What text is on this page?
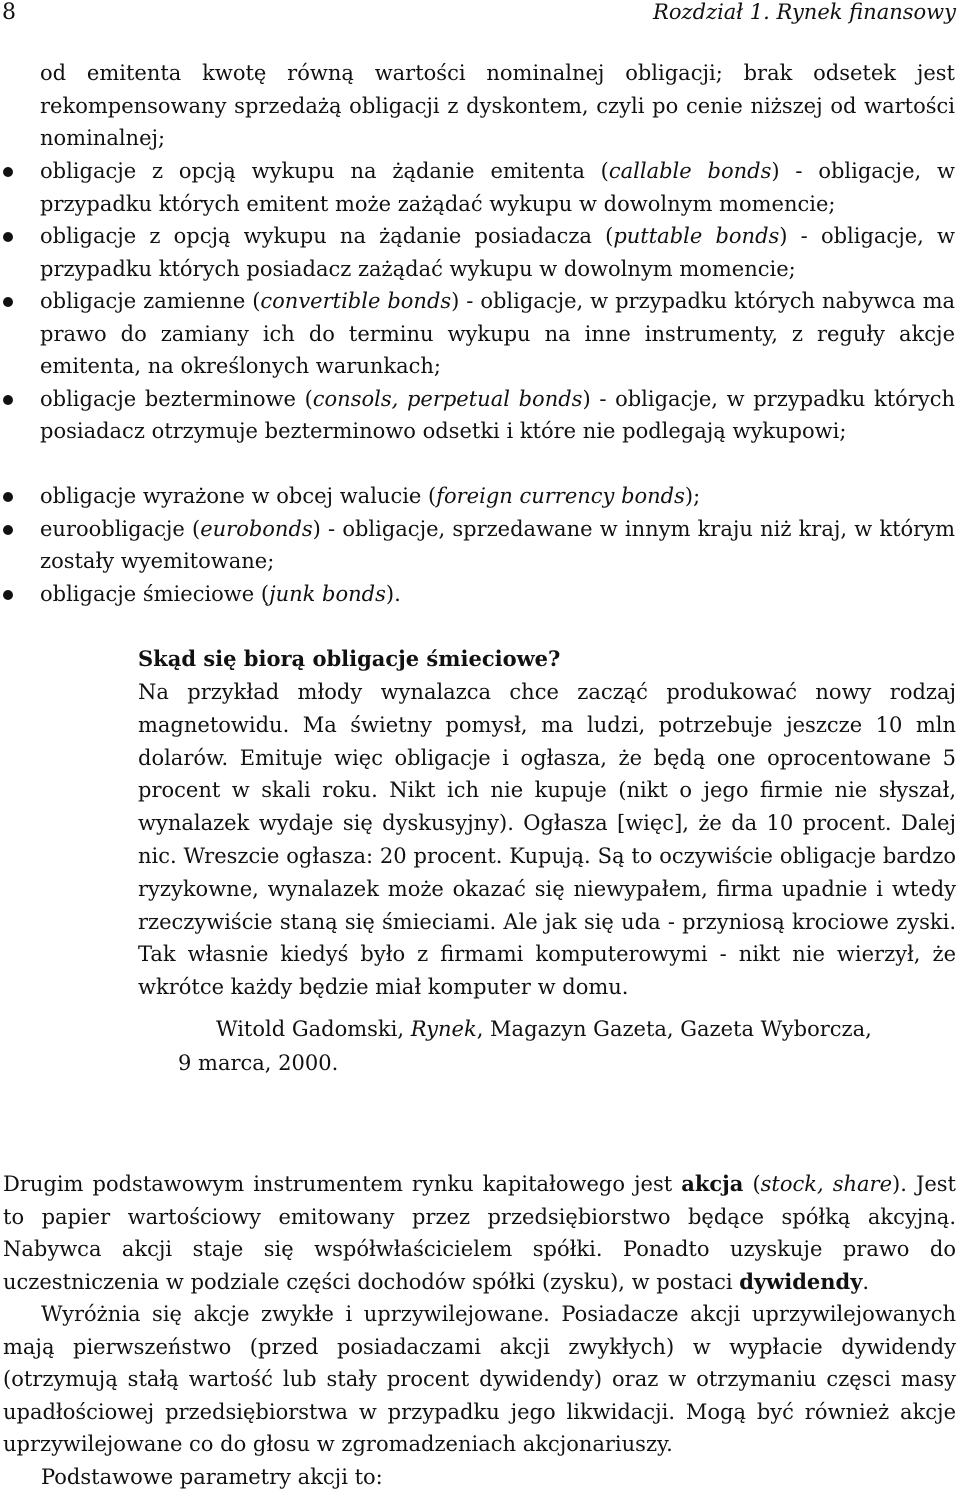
8	Rozdział 1. Rynek finansowy

od emitenta kwotę równą wartości nominalnej obligacji; brak odsetek jest rekompensowany sprzedażą obligacji z dyskontem, czyli po cenie niższej od wartości nominalnej;

obligacje z opcją wykupu na żądanie emitenta (callable bonds) - obligacje, w przypadku których emitent może zażądać wykupu w dowolnym momencie;
obligacje z opcją wykupu na żądanie posiadacza (puttable bonds) - obligacje, w przypadku których posiadacz zażądać wykupu w dowolnym momencie;
obligacje zamienne (convertible bonds) - obligacje, w przypadku których nabywca ma prawo do zamiany ich do terminu wykupu na inne instrumenty, z reguły akcje emitenta, na określonych warunkach;
obligacje bezterminowe (consols, perpetual bonds) - obligacje, w przypadku których posiadacz otrzymuje bezterminowo odsetki i które nie podlegają wykupowi;
obligacje wyrażone w obcej walucie (foreign currency bonds);
euroobligacje (eurobonds) - obligacje, sprzedawane w innym kraju niż kraj, w którym zostały wyemitowane;
obligacje śmieciowe (junk bonds).

Skąd się biorą obligacje śmieciowe?

Na przykład młody wynalazca chce zacząć produkować nowy rodzaj magnetowidu. Ma świetny pomysł, ma ludzi, potrzebuje jeszcze 10 mln dolarów. Emituje więc obligacje i ogłasza, że będą one oprocentowane 5 procent w skali roku. Nikt ich nie kupuje (nikt o jego firmie nie słyszał, wynalazek wydaje się dyskusyjny). Ogłasza [więc], że da 10 procent. Dalej nic. Wreszcie ogłasza: 20 procent. Kupują. Są to oczywiście obligacje bardzo ryzykowne, wynalazek może okazać się niewypałem, firma upadnie i wtedy rzeczywiście staną się śmieciami. Ale jak się uda - przyniosą krociowe zyski. Tak własnie kiedyś było z firmami komputerowymi - nikt nie wierzył, że wkrótce każdy będzie miał komputer w domu.

Witold Gadomski, Rynek, Magazyn Gazeta, Gazeta Wyborcza, 9 marca, 2000.

Drugim podstawowym instrumentem rynku kapitałowego jest akcja (stock, share). Jest to papier wartościowy emitowany przez przedsiębiorstwo będące spółką akcyjną. Nabywca akcji staje się współwłaścicielem spółki. Ponadto uzyskuje prawo do uczestniczenia w podziale części dochodów spółki (zysku), w postaci dywidendy.

Wyróżnia się akcje zwykłe i uprzywilejowane. Posiadacze akcji uprzywilejowanych mają pierwszeństwo (przed posiadaczami akcji zwykłych) w wypłacie dywidendy (otrzymują stałą wartość lub stały procent dywidendy) oraz w otrzymaniu częsci masy upadłościowej przedsiębiorstwa w przypadku jego likwidacji. Mogą być również akcje uprzywilejowane co do głosu w zgromadzeniach akcjonariuszy.

Podstawowe parametry akcji to:
